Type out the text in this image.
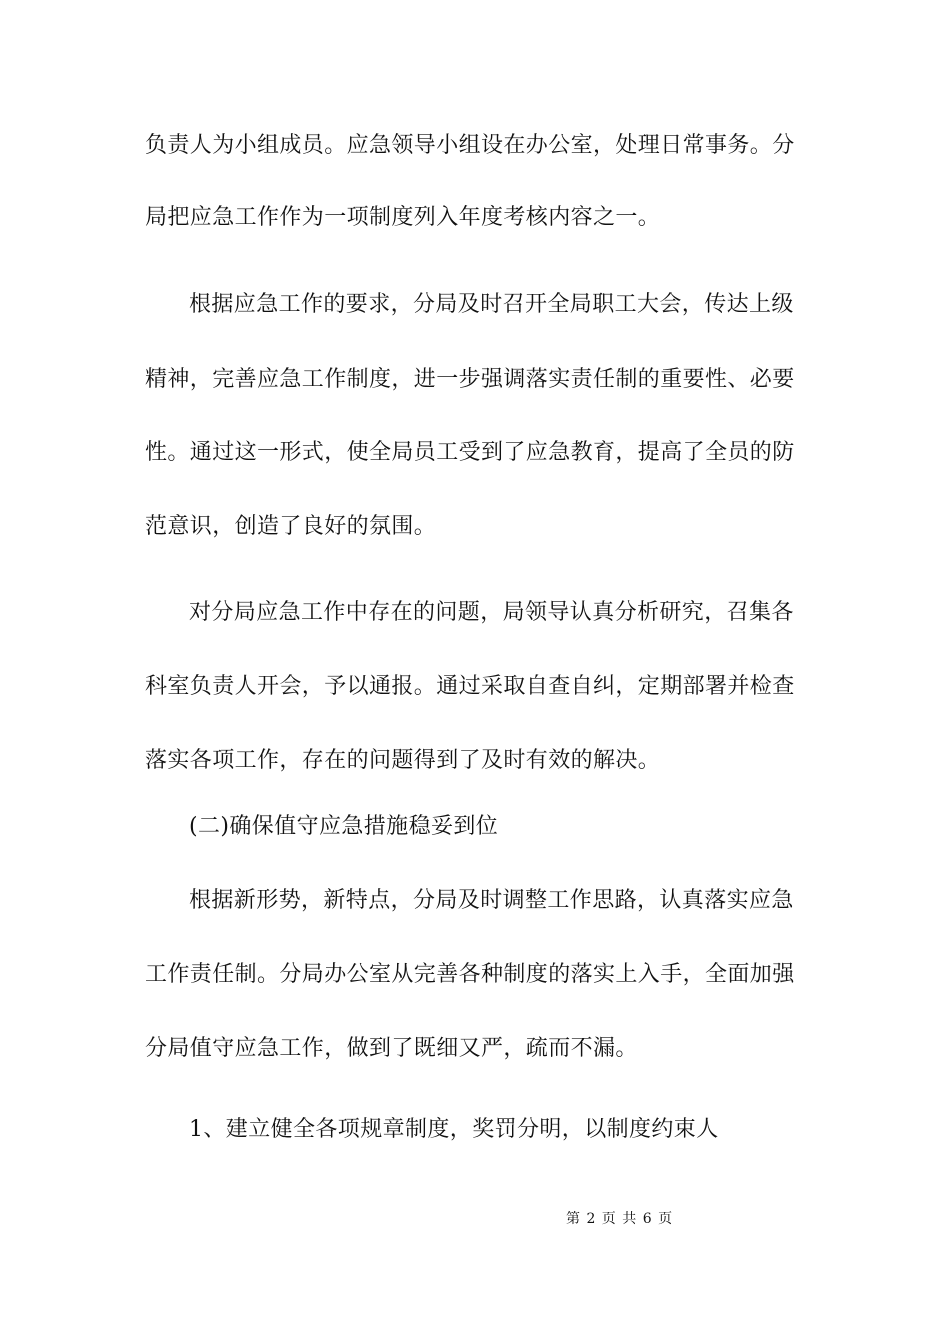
负责人为小组成员。应急领导小组设在办公室，处理日常事务。分
局把应急工作作为一项制度列入年度考核内容之一。
根据应急工作的要求，分局及时召开全局职工大会，传达上级
精神，完善应急工作制度，进一步强调落实责任制的重要性、必要
性。通过这一形式，使全局员工受到了应急教育，提高了全员的防
范意识，创造了良好的氛围。
对分局应急工作中存在的问题，局领导认真分析研究，召集各
科室负责人开会，予以通报。通过采取自查自纠，定期部署并检查
落实各项工作，存在的问题得到了及时有效的解决。
(二)确保值守应急措施稳妥到位
根据新形势，新特点，分局及时调整工作思路，认真落实应急
工作责任制。分局办公室从完善各种制度的落实上入手，全面加强
分局值守应急工作，做到了既细又严，疏而不漏。
1、建立健全各项规章制度，奖罚分明，以制度约束人
第 2 页 共 6 页
